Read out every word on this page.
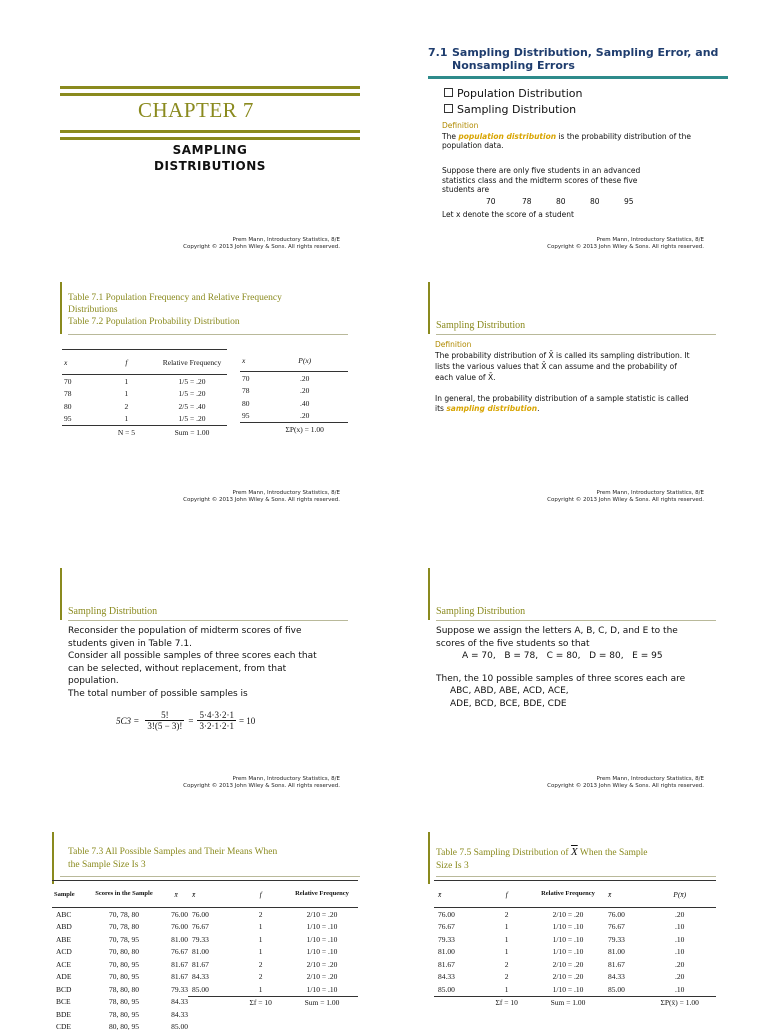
CHAPTER 7
SAMPLING
DISTRIBUTIONS
Prem Mann, Introductory Statistics, 8/E
Copyright © 2013 John Wiley & Sons. All rights reserved.
7.1 Sampling Distribution, Sampling Error, and
Nonsampling Errors
Population Distribution
Sampling Distribution
Definition
The population distribution is the probability distribution of the population data.
Suppose there are only five students in an advanced statistics class and the midterm scores of these five students are
70	78	80	80	95
Let x denote the score of a student
Prem Mann, Introductory Statistics, 8/E
Copyright © 2013 John Wiley & Sons. All rights reserved.
Table 7.1 Population Frequency and Relative Frequency
Distributions
Table 7.2 Population Probability Distribution
x	f	Relative Frequency
70	1	1/5 = .20
78	1	1/5 = .20
80	2	2/5 = .40
95	1	1/5 = .20
	N = 5	Sum = 1.00
x	P(x)
70	.20
78	.20
80	.40
95	.20
	ΣP(x) = 1.00
Prem Mann, Introductory Statistics, 8/E
Copyright © 2013 John Wiley & Sons. All rights reserved.
Sampling Distribution
Definition
The probability distribution of X̄ is called its sampling distribution. It lists the various values that X̄ can assume and the probability of each value of X̄.
In general, the probability distribution of a sample statistic is called its sampling distribution.
Prem Mann, Introductory Statistics, 8/E
Copyright © 2013 John Wiley & Sons. All rights reserved.
Sampling Distribution
Reconsider the population of midterm scores of five students given in Table 7.1.
Consider all possible samples of three scores each that can be selected, without replacement, from that population.
The total number of possible samples is
$5C3 = \frac{5!}{3!(5 - 3)!} = \frac{5\cdot 4\cdot 3\cdot 2\cdot 1}{3\cdot 2\cdot 1\cdot 2\cdot 1} = 10$
Prem Mann, Introductory Statistics, 8/E
Copyright © 2013 John Wiley & Sons. All rights reserved.
Sampling Distribution
Suppose we assign the letters A, B, C, D, and E to the scores of the five students so that
A = 70,   B = 78,   C = 80,   D = 80,   E = 95
Then, the 10 possible samples of three scores each are
ABC, ABD, ABE, ACD, ACE,
ADE, BCD, BCE, BDE, CDE
Prem Mann, Introductory Statistics, 8/E
Copyright © 2013 John Wiley & Sons. All rights reserved.
Table 7.3 All Possible Samples and Their Means When
the Sample Size Is 3
Sample	Scores in the Sample	x̄
ABC	70, 78, 80	76.00
ABD	70, 78, 80	76.00
ABE	70, 78, 95	81.00
ACD	70, 80, 80	76.67
ACE	70, 80, 95	81.67
ADE	70, 80, 95	81.67
BCD	78, 80, 80	79.33
BCE	78, 80, 95	84.33
BDE	78, 80, 95	84.33
CDE	80, 80, 95	85.00
x̄	f	Relative Frequency
76.00	2	2/10 = .20
76.67	1	1/10 = .10
79.33	1	1/10 = .10
81.00	1	1/10 = .10
81.67	2	2/10 = .20
84.33	2	2/10 = .20
85.00	1	1/10 = .10
	Σf = 10	Sum = 1.00
Table 7.5 Sampling Distribution of $\overline{X}$ When the Sample
Size Is 3
x̄	f	Relative Frequency
76.00	2	2/10 = .20
76.67	1	1/10 = .10
79.33	1	1/10 = .10
81.00	1	1/10 = .10
81.67	2	2/10 = .20
84.33	2	2/10 = .20
85.00	1	1/10 = .10
	Σf = 10	Sum = 1.00
x̄	P(x̄)
76.00	.20
76.67	.10
79.33	.10
81.00	.10
81.67	.20
84.33	.20
85.00	.10
	ΣP(x̄) = 1.00
